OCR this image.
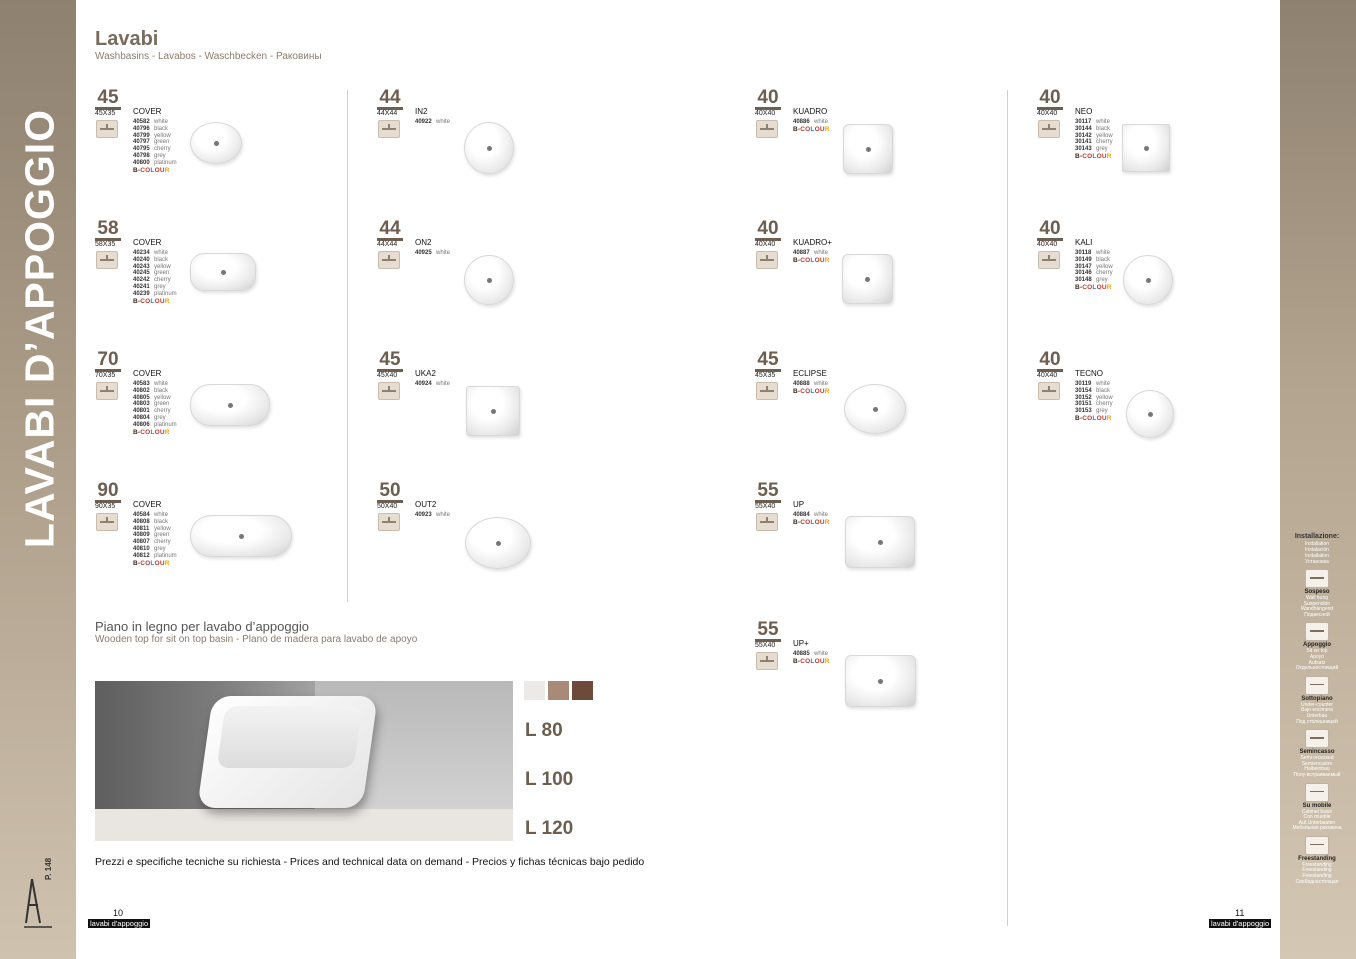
LAVABI D’APPOGGIO
P. 148
Lavabi
Washbasins - Lavabos - Waschbecken - Раковины
45
45X35 COVER
40582 white
40796 black
40799 yellow
40797 green
40795 cherry
40798 grey
40800 platinum
B-COLOUR
58
58X35 COVER
40234 white
40240 black
40243 yellow
40245 green
40242 cherry
40241 grey
40239 platinum
B-COLOUR
70
70X35 COVER
40583 white
40802 black
40805 yellow
40803 green
40801 cherry
40804 grey
40806 platinum
B-COLOUR
90
90X35 COVER
40584 white
40808 black
40811 yellow
40809 green
40807 cherry
40810 grey
40812 platinum
B-COLOUR
44
44X44 IN2
40922 white
44
44X44 ON2
40925 white
45
45X40 UKA2
40924 white
50
50X40 OUT2
40923 white
40
40X40 KUADRO
40886 white
B-COLOUR
40
40X40 KUADRO+
40887 white
B-COLOUR
45
45X35 ECLIPSE
40888 white
B-COLOUR
55
55X40 UP
40884 white
B-COLOUR
55
55X40 UP+
40885 white
B-COLOUR
40
40X40 NEO
30117 white
30144 black
30142 yellow
30141 cherry
30143 grey
B-COLOUR
40
40X40 KALI
30118 white
30149 black
30147 yellow
30146 cherry
30148 grey
B-COLOUR
40
40X40 TECNO
30119 white
30154 black
30152 yellow
30151 cherry
30153 grey
B-COLOUR
Piano in legno per lavabo d’appoggio
Wooden top for sit on top basin - Plano de madera para lavabo de apoyo
L 80
L 100
L 120
Prezzi e specifiche tecniche su richiesta - Prices and technical data on demand - Precios y fichas técnicas bajo pedido
10
lavabi d'appoggio
11
lavabi d'appoggio
Installazione:
Installation
Instalación
Installation
Установка
Sospeso
Wall hung
Suspendido
Wandhängend
Подвесной
Appoggio
Sit on top
Apoyo
Aufsatz
Отдельностоящий
Sottopiano
Under-counter
Bajo encimera
Unterbau
Под столешницей
Semincasso
Semi recessed
Semiencastre
Halbeinbau
Полу-встраиваемый
Su mobile
Cabinet basin
Con mueble
Auf Unterbauten
Мебельная раковина
Freestanding
Freestanding
Freestanding
Freestanding
Свободностоящая
